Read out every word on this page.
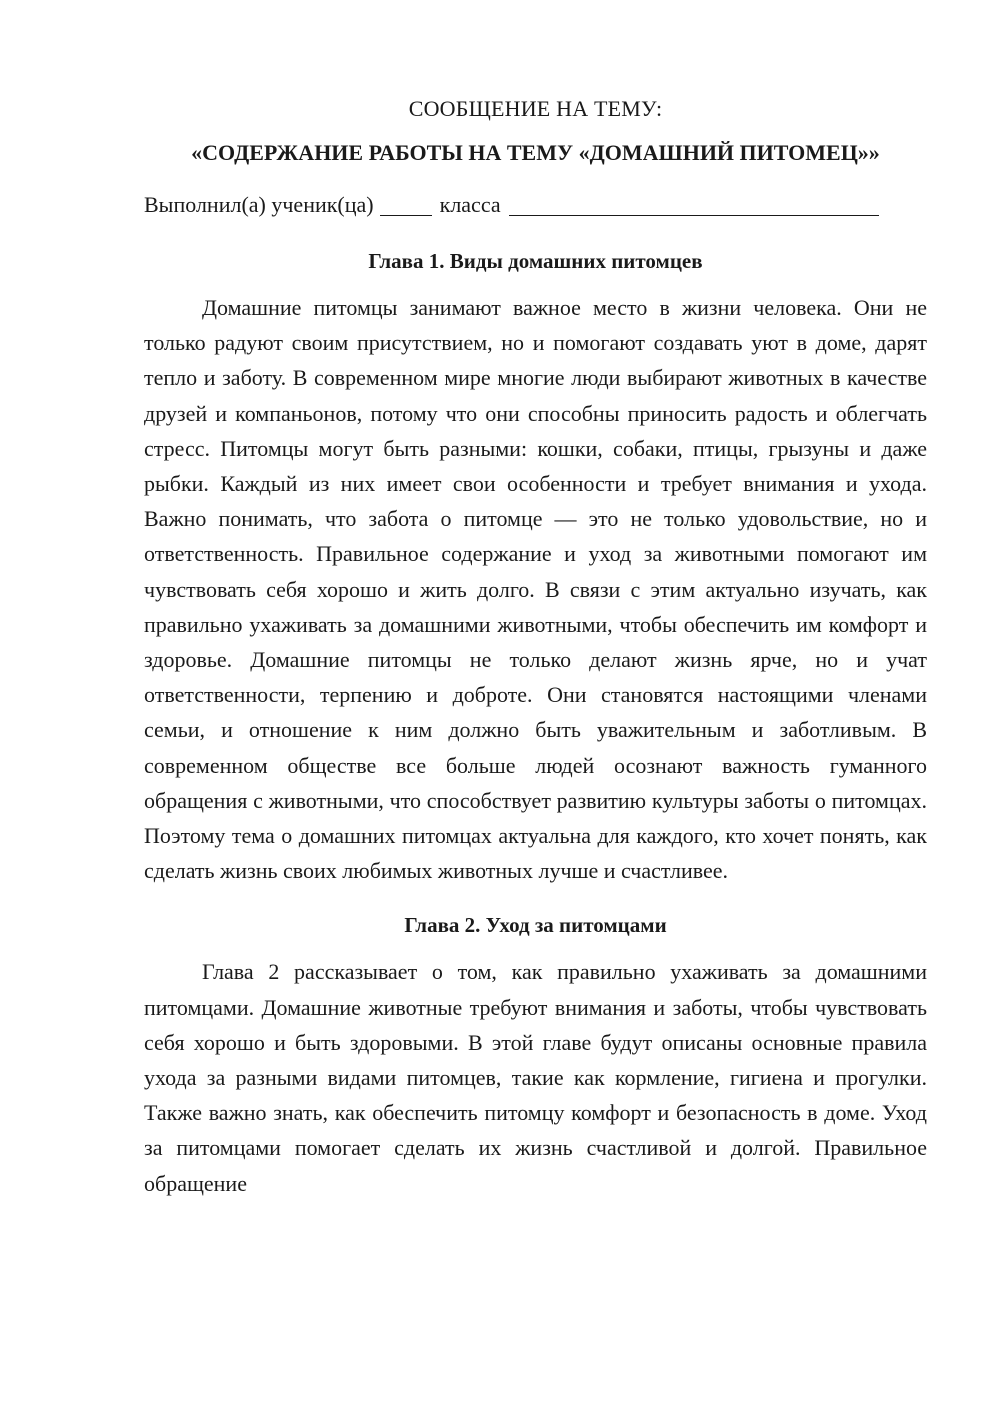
СООБЩЕНИЕ НА ТЕМУ:

«СОДЕРЖАНИЕ РАБОТЫ НА ТЕМУ «ДОМАШНИЙ ПИТОМЕЦ»»

Выполнил(а) ученик(ца)	класса

Глава 1. Виды домашних питомцев

Домашние питомцы занимают важное место в жизни человека. Они не только радуют своим присутствием, но и помогают создавать уют в доме, дарят тепло и заботу. В современном мире многие люди выбирают животных в качестве друзей и компаньонов, потому что они способны приносить радость и облегчать стресс. Питомцы могут быть разными: кошки, собаки, птицы, грызуны и даже рыбки. Каждый из них имеет свои особенности и требует внимания и ухода. Важно понимать, что забота о питомце — это не только удовольствие, но и ответственность. Правильное содержание и уход за животными помогают им чувствовать себя хорошо и жить долго. В связи с этим актуально изучать, как правильно ухаживать за домашними животными, чтобы обеспечить им комфорт и здоровье. Домашние питомцы не только делают жизнь ярче, но и учат ответственности, терпению и доброте. Они становятся настоящими членами семьи, и отношение к ним должно быть уважительным и заботливым. В современном обществе все больше людей осознают важность гуманного обращения с животными, что способствует развитию культуры заботы о питомцах. Поэтому тема о домашних питомцах актуальна для каждого, кто хочет понять, как сделать жизнь своих любимых животных лучше и счастливее.

Глава 2. Уход за питомцами

Глава 2 рассказывает о том, как правильно ухаживать за домашними питомцами. Домашние животные требуют внимания и заботы, чтобы чувствовать себя хорошо и быть здоровыми. В этой главе будут описаны основные правила ухода за разными видами питомцев, такие как кормление, гигиена и прогулки. Также важно знать, как обеспечить питомцу комфорт и безопасность в доме. Уход за питомцами помогает сделать их жизнь счастливой и долгой. Правильное обращение
